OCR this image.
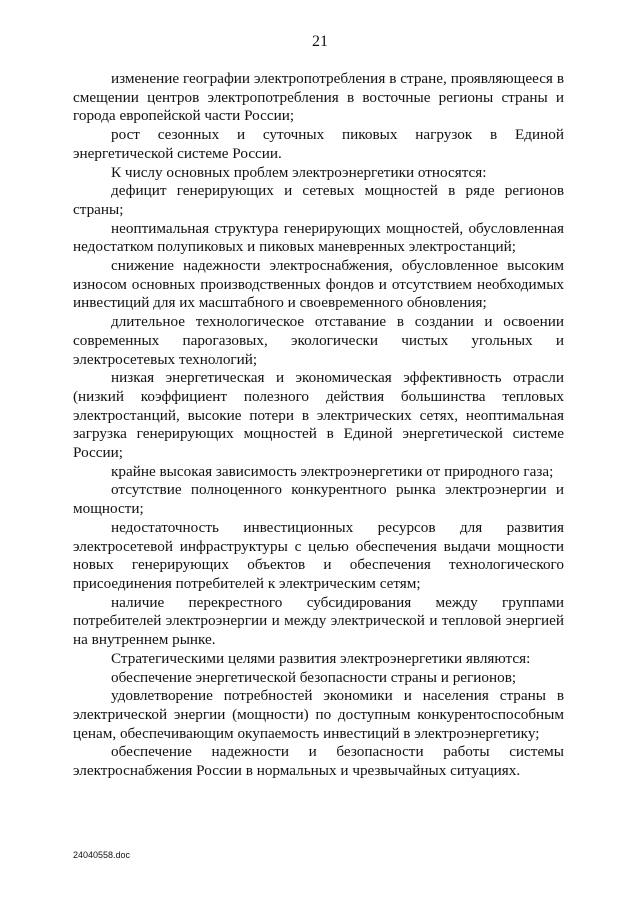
21

изменение географии электропотребления в стране, проявляющееся в смещении центров электропотребления в восточные регионы страны и города европейской части России;

рост сезонных и суточных пиковых нагрузок в Единой энергетической системе России.

К числу основных проблем электроэнергетики относятся:

дефицит генерирующих и сетевых мощностей в ряде регионов страны;

неоптимальная структура генерирующих мощностей, обусловленная недостатком полупиковых и пиковых маневренных электростанций;

снижение надежности электроснабжения, обусловленное высоким износом основных производственных фондов и отсутствием необходимых инвестиций для их масштабного и своевременного обновления;

длительное технологическое отставание в создании и освоении современных парогазовых, экологически чистых угольных и электросетевых технологий;

низкая энергетическая и экономическая эффективность отрасли (низкий коэффициент полезного действия большинства тепловых электростанций, высокие потери в электрических сетях, неоптимальная загрузка генерирующих мощностей в Единой энергетической системе России;

крайне высокая зависимость электроэнергетики от природного газа;

отсутствие полноценного конкурентного рынка электроэнергии и мощности;

недостаточность инвестиционных ресурсов для развития электросетевой инфраструктуры с целью обеспечения выдачи мощности новых генерирующих объектов и обеспечения технологического присоединения потребителей к электрическим сетям;

наличие перекрестного субсидирования между группами потребителей электроэнергии и между электрической и тепловой энергией на внутреннем рынке.

Стратегическими целями развития электроэнергетики являются:

обеспечение энергетической безопасности страны и регионов;

удовлетворение потребностей экономики и населения страны в электрической энергии (мощности) по доступным конкурентоспособным ценам, обеспечивающим окупаемость инвестиций в электроэнергетику;

обеспечение надежности и безопасности работы системы электроснабжения России в нормальных и чрезвычайных ситуациях.

24040558.doc
